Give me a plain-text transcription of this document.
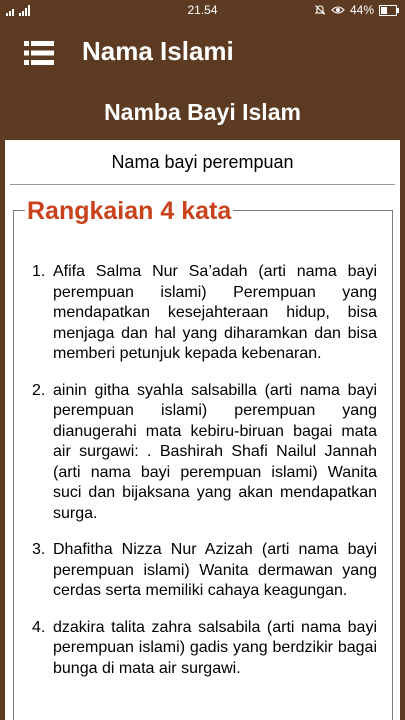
21.54	44%
Nama Islami
Namba Bayi Islam
Nama bayi perempuan
Rangkaian 4 kata
1. Afifa Salma Nur Sa’adah (arti nama bayi perempuan islami) Perempuan yang mendapatkan kesejahteraan hidup, bisa menjaga dan hal yang diharamkan dan bisa memberi petunjuk kepada kebenaran.
2. ainin githa syahla salsabilla (arti nama bayi perempuan islami) perempuan yang dianugerahi mata kebiru-biruan bagai mata air surgawi: . Bashirah Shafi Nailul Jannah (arti nama bayi perempuan islami) Wanita suci dan bijaksana yang akan mendapatkan surga.
3. Dhafitha Nizza Nur Azizah (arti nama bayi perempuan islami) Wanita dermawan yang cerdas serta memiliki cahaya keagungan.
4. dzakira talita zahra salsabila (arti nama bayi perempuan islami) gadis yang berdzikir bagai bunga di mata air surgawi.
